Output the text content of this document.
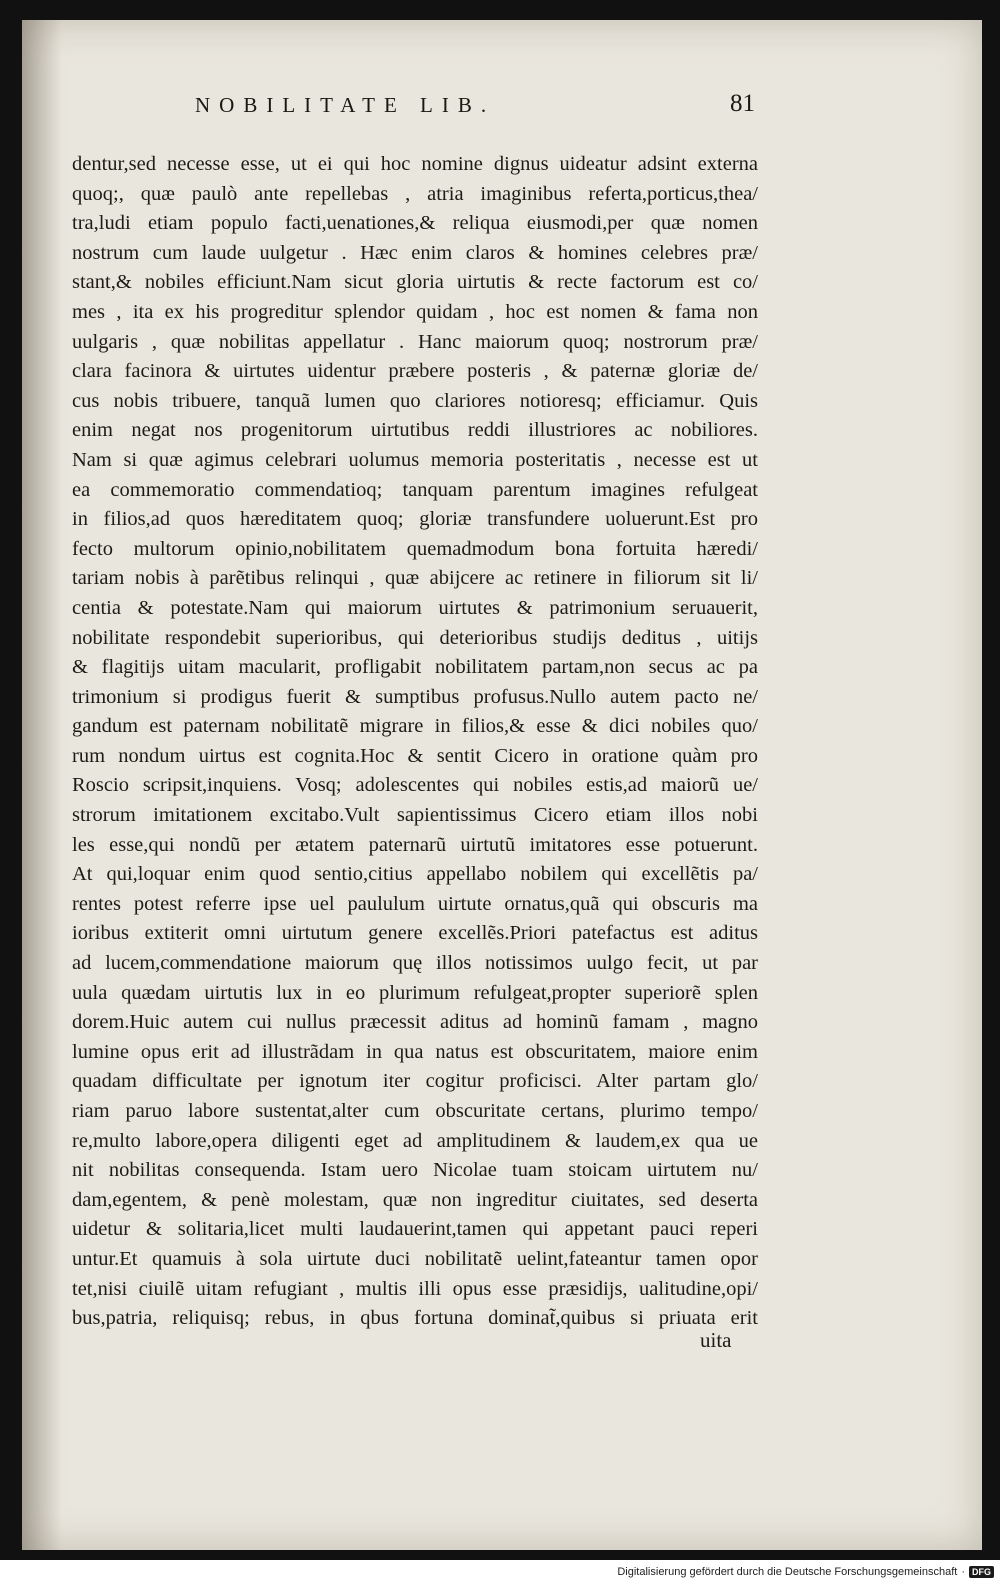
NOBILITATE LIB.	81
dentur,sed necesse esse, ut ei qui hoc nomine dignus uideatur adsint externa
quoq;, quæ paulò ante repellebas , atria imaginibus referta,porticus,thea/
tra,ludi etiam populo facti,uenationes,& reliqua eiusmodi,per quæ nomen
nostrum cum laude uulgetur . Hæc enim claros & homines celebres præ/
stant,& nobiles efficiunt.Nam sicut gloria uirtutis & recte factorum est co/
mes , ita ex his progreditur splendor quidam , hoc est nomen & fama non
uulgaris , quæ nobilitas appellatur . Hanc maiorum quoq; nostrorum præ/
clara facinora & uirtutes uidentur præbere posteris , & paternæ gloriæ de/
cus nobis tribuere, tanquã lumen quo clariores notioresq; efficiamur. Quis
enim negat nos progenitorum uirtutibus reddi illustriores ac nobiliores.
Nam si quæ agimus celebrari uolumus memoria posteritatis , necesse est ut
ea commemoratio commendatioq; tanquam parentum imagines refulgeat
in filios,ad quos hæreditatem quoq; gloriæ transfundere uoluerunt.Est pro
fecto multorum opinio,nobilitatem quemadmodum bona fortuita hæredi/
tariam nobis à parẽtibus relinqui , quæ abijcere ac retinere in filiorum sit li/
centia & potestate.Nam qui maiorum uirtutes & patrimonium seruauerit,
nobilitate respondebit superioribus, qui deterioribus studijs deditus , uitijs
& flagitijs uitam macularit, profligabit nobilitatem partam,non secus ac pa
trimonium si prodigus fuerit & sumptibus profusus.Nullo autem pacto ne/
gandum est paternam nobilitatẽ migrare in filios,& esse & dici nobiles quo/
rum nondum uirtus est cognita.Hoc & sentit Cicero in oratione quàm pro
Roscio scripsit,inquiens. Vosq; adolescentes qui nobiles estis,ad maiorũ ue/
strorum imitationem excitabo.Vult sapientissimus Cicero etiam illos nobi
les esse,qui nondũ per ætatem paternarũ uirtutũ imitatores esse potuerunt.
At qui,loquar enim quod sentio,citius appellabo nobilem qui excellẽtis pa/
rentes potest referre ipse uel paululum uirtute ornatus,quã qui obscuris ma
ioribus extiterit omni uirtutum genere excellẽs.Priori patefactus est aditus
ad lucem,commendatione maiorum quę illos notissimos uulgo fecit, ut par
uula quædam uirtutis lux in eo plurimum refulgeat,propter superiorẽ splen
dorem.Huic autem cui nullus præcessit aditus ad hominũ famam , magno
lumine opus erit ad illustrãdam in qua natus est obscuritatem, maiore enim
quadam difficultate per ignotum iter cogitur proficisci. Alter partam glo/
riam paruo labore sustentat,alter cum obscuritate certans, plurimo tempo/
re,multo labore,opera diligenti eget ad amplitudinem & laudem,ex qua ue
nit nobilitas consequenda. Istam uero Nicolae tuam stoicam uirtutem nu/
dam,egentem, & penè molestam, quæ non ingreditur ciuitates, sed deserta
uidetur & solitaria,licet multi laudauerint,tamen qui appetant pauci reperi
untur.Et quamuis à sola uirtute duci nobilitatẽ uelint,fateantur tamen opor
tet,nisi ciuilẽ uitam refugiant , multis illi opus esse præsidijs, ualitudine,opi/
bus,patria, reliquisq; rebus, in qbus fortuna dominat̃,quibus si priuata erit
uita
Digitalisierung gefördert durch die Deutsche Forschungsgemeinschaft · DFG
